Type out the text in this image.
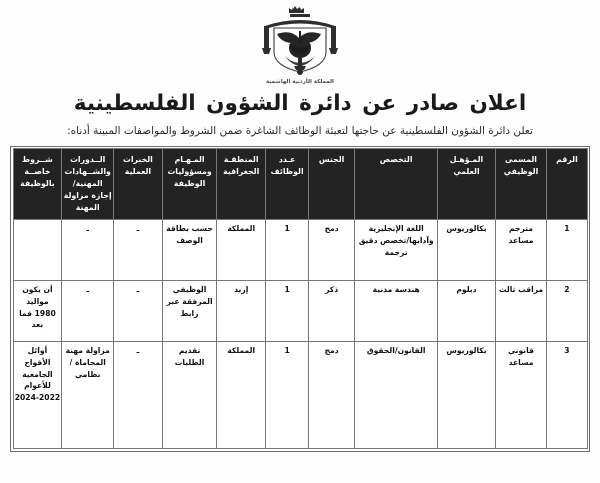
المملكة الأردنية الهاشمية
اعلان صادر عن دائرة الشؤون الفلسطينية

تعلن دائرة الشؤون الفلسطينية عن حاجتها لتعبئة الوظائف الشاغرة ضمن الشروط والمواصفات المبينة أدناه:

الرقم	المسمى الوظيفي	المـؤهـل العلمي	التخصص	الجنس	عـدد الوظائف	المنطقـة الجغرافية	المـهـام ومسؤوليات الوظيفة	الخبرات العملية	الــدورات والشــهادات المهنية/إجازة مزاولة المهنة	شــروط خاصــة بالوظيفة
1	مترجم مساعد	بكالوريوس	اللغة الإنجليزية وآدابها/تخصص دقيق ترجمة	دمج	1	المملكة	حسب بطاقة الوصف	ـ	ـ	
2	مراقب ثالث	دبلوم	هندسة مدنية	ذكر	1	إربد	الوظيفي المرفقة عبر رابط	ـ	ـ	أن يكون مواليد 1980 فما بعد
3	قانوني مساعد	بكالوريوس	القانون/الحقوق	دمج	1	المملكة	تقديم الطلبات	ـ	مزاولة مهنة المحاماة /نظامي	أوائل الأفواج الجامعية للأعوام 2022-2024
